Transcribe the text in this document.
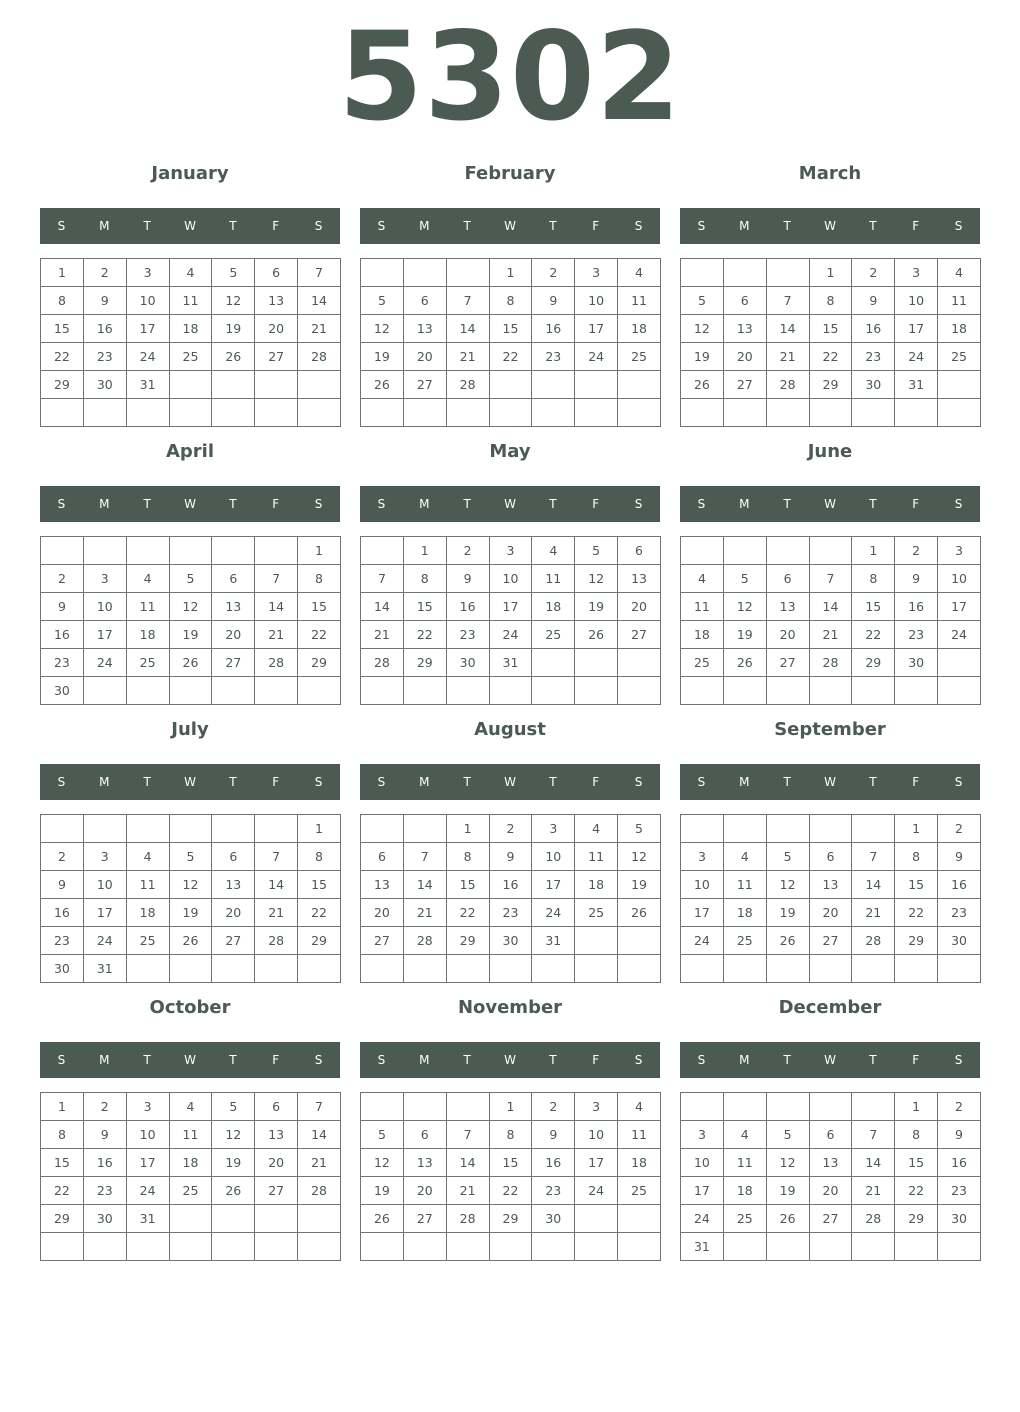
5302
January
S	M	T	W	T	F	S
1	2	3	4	5	6	7
8	9	10	11	12	13	14
15	16	17	18	19	20	21
22	23	24	25	26	27	28
29	30	31				

February
S	M	T	W	T	F	S
			1	2	3	4
5	6	7	8	9	10	11
12	13	14	15	16	17	18
19	20	21	22	23	24	25
26	27	28				

March
S	M	T	W	T	F	S
			1	2	3	4
5	6	7	8	9	10	11
12	13	14	15	16	17	18
19	20	21	22	23	24	25
26	27	28	29	30	31	

April
S	M	T	W	T	F	S
						1
2	3	4	5	6	7	8
9	10	11	12	13	14	15
16	17	18	19	20	21	22
23	24	25	26	27	28	29
30						
May
S	M	T	W	T	F	S
	1	2	3	4	5	6
7	8	9	10	11	12	13
14	15	16	17	18	19	20
21	22	23	24	25	26	27
28	29	30	31			

June
S	M	T	W	T	F	S
				1	2	3
4	5	6	7	8	9	10
11	12	13	14	15	16	17
18	19	20	21	22	23	24
25	26	27	28	29	30	

July
S	M	T	W	T	F	S
						1
2	3	4	5	6	7	8
9	10	11	12	13	14	15
16	17	18	19	20	21	22
23	24	25	26	27	28	29
30	31					
August
S	M	T	W	T	F	S
		1	2	3	4	5
6	7	8	9	10	11	12
13	14	15	16	17	18	19
20	21	22	23	24	25	26
27	28	29	30	31		

September
S	M	T	W	T	F	S
					1	2
3	4	5	6	7	8	9
10	11	12	13	14	15	16
17	18	19	20	21	22	23
24	25	26	27	28	29	30

October
S	M	T	W	T	F	S
1	2	3	4	5	6	7
8	9	10	11	12	13	14
15	16	17	18	19	20	21
22	23	24	25	26	27	28
29	30	31				

November
S	M	T	W	T	F	S
			1	2	3	4
5	6	7	8	9	10	11
12	13	14	15	16	17	18
19	20	21	22	23	24	25
26	27	28	29	30		

December
S	M	T	W	T	F	S
					1	2
3	4	5	6	7	8	9
10	11	12	13	14	15	16
17	18	19	20	21	22	23
24	25	26	27	28	29	30
31						
